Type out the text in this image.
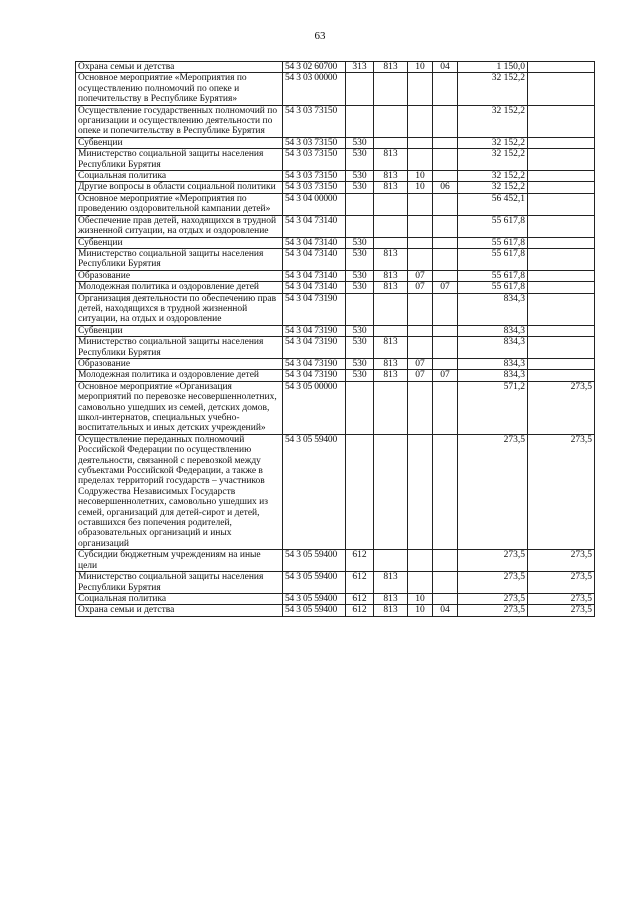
63
Охрана семьи и детства	54 3 02 60700	313	813	10	04	1 150,0	
Основное мероприятие «Мероприятия по осуществлению полномочий по опеке и попечительству в Республике Бурятия»	54 3 03 00000					32 152,2	
Осуществление государственных полномочий по организации и осуществлению деятельности по опеке и попечительству в Республике Бурятия	54 3 03 73150					32 152,2	
Субвенции	54 3 03 73150	530				32 152,2	
Министерство социальной защиты населения Республики Бурятия	54 3 03 73150	530	813			32 152,2	
Социальная политика	54 3 03 73150	530	813	10		32 152,2	
Другие вопросы в области социальной политики	54 3 03 73150	530	813	10	06	32 152,2	
Основное мероприятие «Мероприятия по проведению оздоровительной кампании детей»	54 3 04 00000					56 452,1	
Обеспечение прав детей, находящихся в трудной жизненной ситуации, на отдых и оздоровление	54 3 04 73140					55 617,8	
Субвенции	54 3 04 73140	530				55 617,8	
Министерство социальной защиты населения Республики Бурятия	54 3 04 73140	530	813			55 617,8	
Образование	54 3 04 73140	530	813	07		55 617,8	
Молодежная политика и оздоровление детей	54 3 04 73140	530	813	07	07	55 617,8	
Организация деятельности по обеспечению прав детей, находящихся в трудной жизненной ситуации, на отдых и оздоровление	54 3 04 73190					834,3	
Субвенции	54 3 04 73190	530				834,3	
Министерство социальной защиты населения Республики Бурятия	54 3 04 73190	530	813			834,3	
Образование	54 3 04 73190	530	813	07		834,3	
Молодежная политика и оздоровление детей	54 3 04 73190	530	813	07	07	834,3	
Основное мероприятие «Организация мероприятий по перевозке несовершеннолетних, самовольно ушедших из семей, детских домов, школ-интернатов, специальных учебно-воспитательных и иных детских учреждений»	54 3 05 00000					571,2	273,5
Осуществление переданных полномочий Российской Федерации по осуществлению деятельности, связанной с перевозкой между субъектами Российской Федерации, а также в пределах территорий государств – участников Содружества Независимых Государств несовершеннолетних, самовольно ушедших из семей, организаций для детей-сирот и детей, оставшихся без попечения родителей, образовательных организаций и иных организаций	54 3 05 59400					273,5	273,5
Субсидии бюджетным учреждениям на иные цели	54 3 05 59400	612				273,5	273,5
Министерство социальной защиты населения Республики Бурятия	54 3 05 59400	612	813			273,5	273,5
Социальная политика	54 3 05 59400	612	813	10		273,5	273,5
Охрана семьи и детства	54 3 05 59400	612	813	10	04	273,5	273,5
